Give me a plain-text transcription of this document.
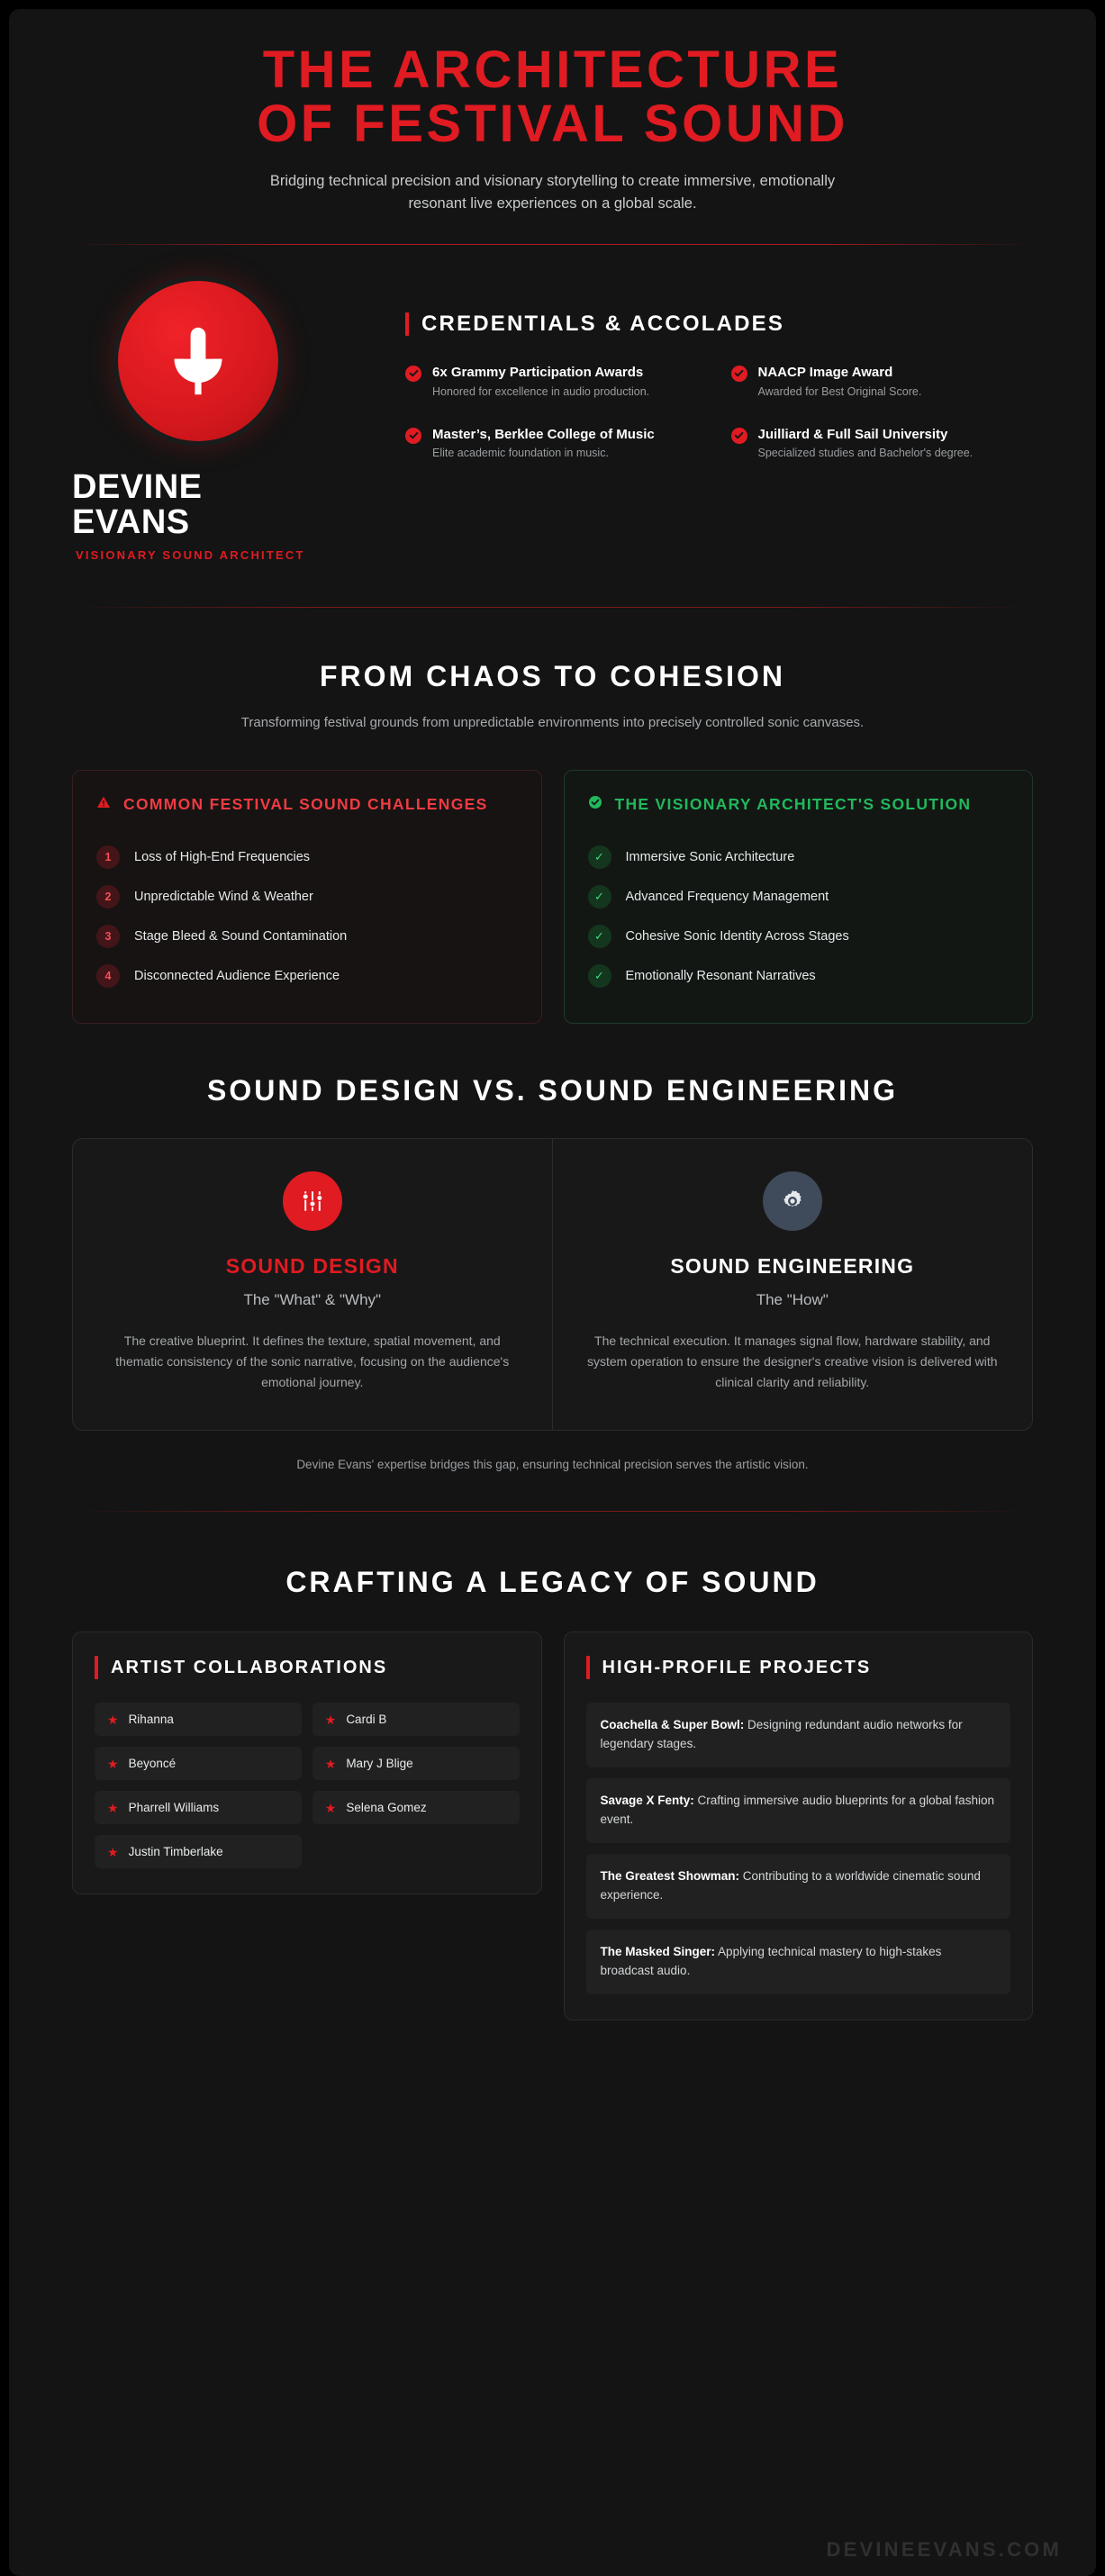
THE ARCHITECTURE
OF FESTIVAL SOUND

Bridging technical precision and visionary storytelling to create immersive, emotionally resonant live experiences on a global scale.

DEVINE
EVANS
VISIONARY SOUND ARCHITECT
CREDENTIALS & ACCOLADES
6x Grammy Participation Awards
Honored for excellence in audio production.
NAACP Image Award
Awarded for Best Original Score.
Master’s, Berklee College of Music
Elite academic foundation in music.
Juilliard & Full Sail University
Specialized studies and Bachelor's degree.
FROM CHAOS TO COHESION

Transforming festival grounds from unpredictable environments into precisely controlled sonic canvases.

COMMON FESTIVAL SOUND CHALLENGES
1	Loss of High-End Frequencies
2	Unpredictable Wind & Weather
3	Stage Bleed & Sound Contamination
4	Disconnected Audience Experience
THE VISIONARY ARCHITECT'S SOLUTION
✓	Immersive Sonic Architecture
✓	Advanced Frequency Management
✓	Cohesive Sonic Identity Across Stages
✓	Emotionally Resonant Narratives
SOUND DESIGN VS. SOUND ENGINEERING
SOUND DESIGN
The "What" & "Why"
The creative blueprint. It defines the texture, spatial movement, and thematic consistency of the sonic narrative, focusing on the audience's emotional journey.
SOUND ENGINEERING
The "How"
The technical execution. It manages signal flow, hardware stability, and system operation to ensure the designer's creative vision is delivered with clinical clarity and reliability.
Devine Evans' expertise bridges this gap, ensuring technical precision serves the artistic vision.
CRAFTING A LEGACY OF SOUND
ARTIST COLLABORATIONS
★ Rihanna	★ Cardi B
★ Beyoncé	★ Mary J Blige
★ Pharrell Williams	★ Selena Gomez
★ Justin Timberlake
HIGH-PROFILE PROJECTS
Coachella & Super Bowl: Designing redundant audio networks for legendary stages.
Savage X Fenty: Crafting immersive audio blueprints for a global fashion event.
The Greatest Showman: Contributing to a worldwide cinematic sound experience.
The Masked Singer: Applying technical mastery to high-stakes broadcast audio.
DEVINEEVANS.COM
